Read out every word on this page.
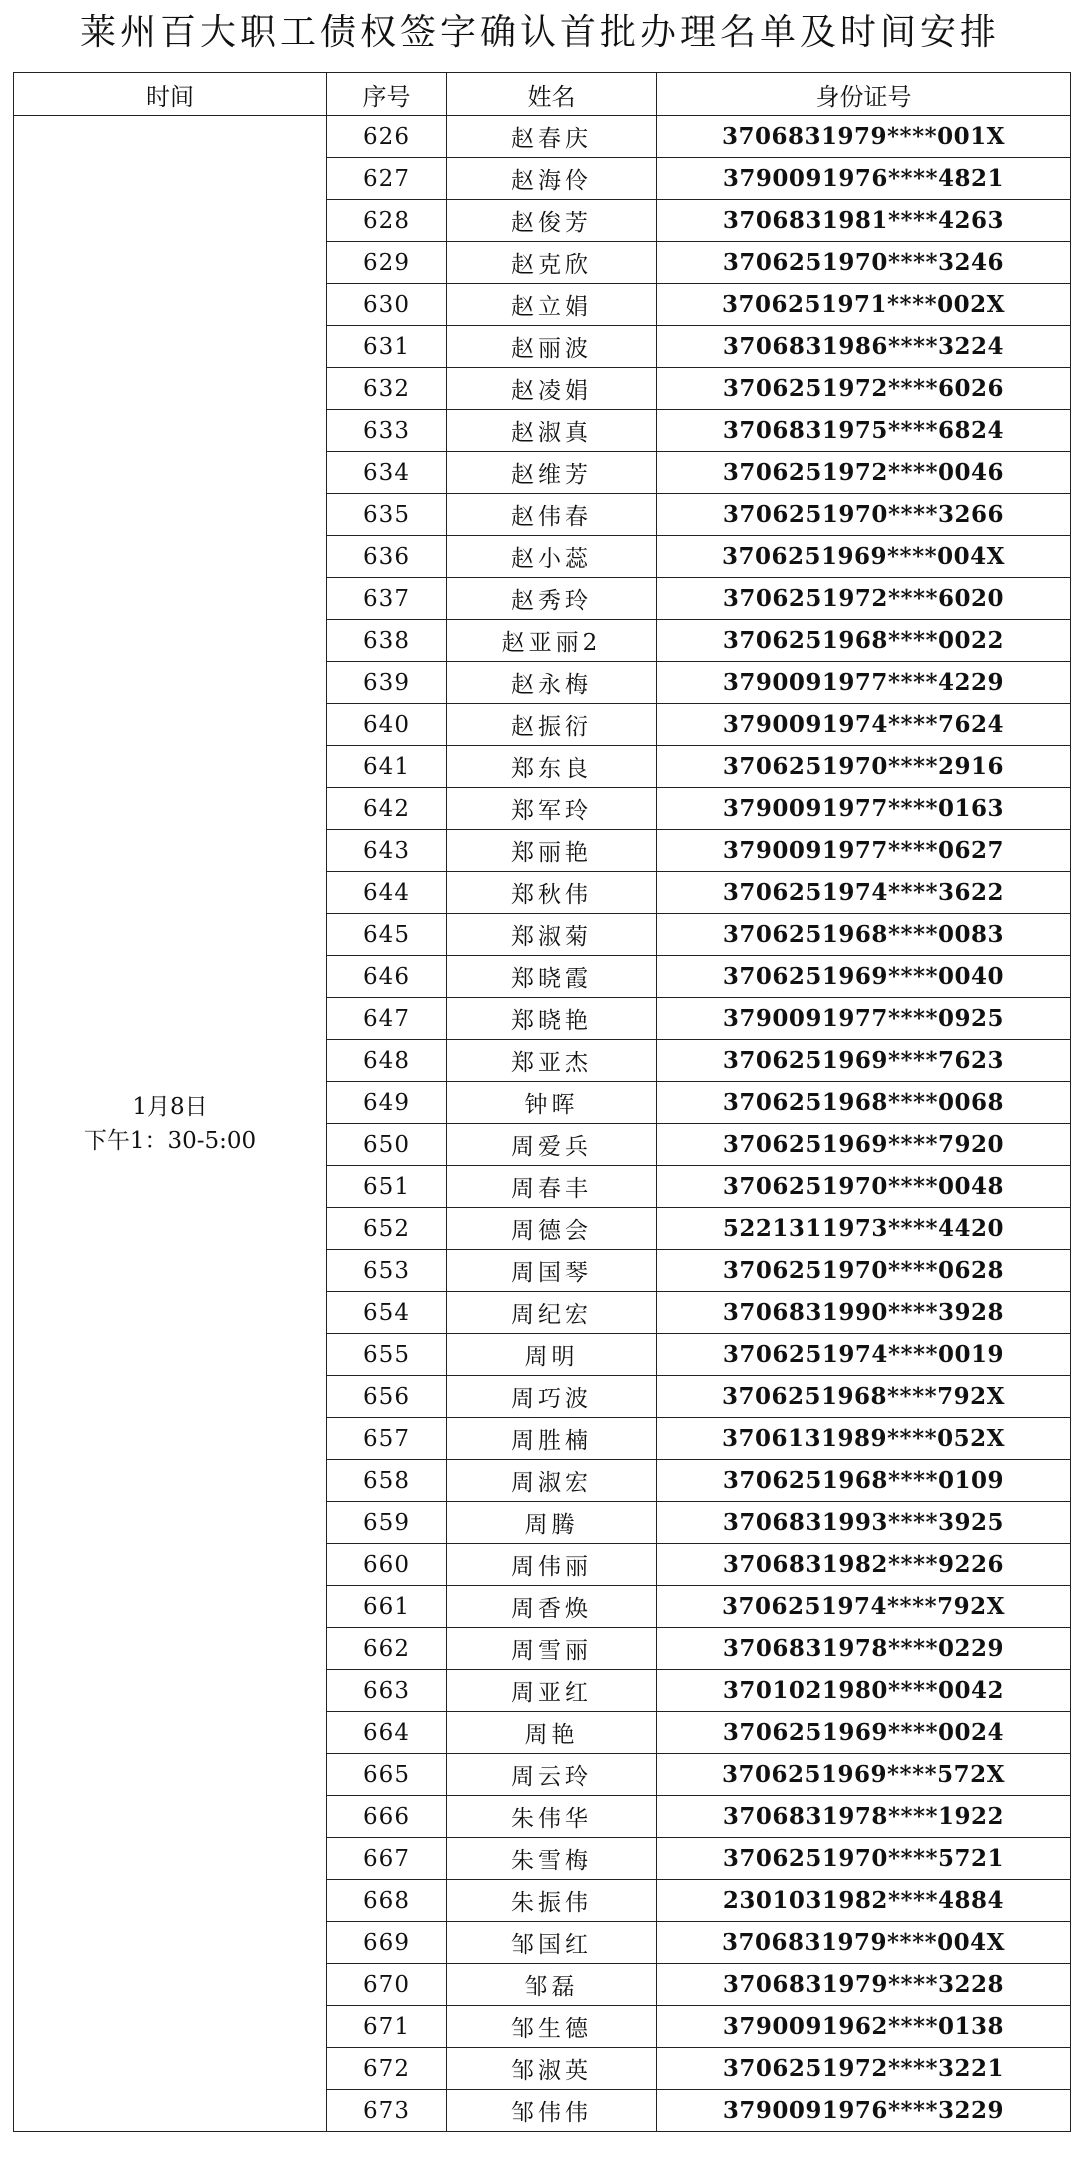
莱州百大职工债权签字确认首批办理名单及时间安排
时间	序号	姓名	身份证号

1月8日
下午1：30-5:00	626	赵春庆	3706831979****001X
	627	赵海伶	3790091976****4821
	628	赵俊芳	3706831981****4263
	629	赵克欣	3706251970****3246
	630	赵立娟	3706251971****002X
	631	赵丽波	3706831986****3224
	632	赵凌娟	3706251972****6026
	633	赵淑真	3706831975****6824
	634	赵维芳	3706251972****0046
	635	赵伟春	3706251970****3266
	636	赵小蕊	3706251969****004X
	637	赵秀玲	3706251972****6020
	638	赵亚丽2	3706251968****0022
	639	赵永梅	3790091977****4229
	640	赵振衍	3790091974****7624
	641	郑东良	3706251970****2916
	642	郑军玲	3790091977****0163
	643	郑丽艳	3790091977****0627
	644	郑秋伟	3706251974****3622
	645	郑淑菊	3706251968****0083
	646	郑晓霞	3706251969****0040
	647	郑晓艳	3790091977****0925
	648	郑亚杰	3706251969****7623
	649	钟晖	3706251968****0068
	650	周爱兵	3706251969****7920
	651	周春丰	3706251970****0048
	652	周德会	5221311973****4420
	653	周国琴	3706251970****0628
	654	周纪宏	3706831990****3928
	655	周明	3706251974****0019
	656	周巧波	3706251968****792X
	657	周胜楠	3706131989****052X
	658	周淑宏	3706251968****0109
	659	周腾	3706831993****3925
	660	周伟丽	3706831982****9226
	661	周香焕	3706251974****792X
	662	周雪丽	3706831978****0229
	663	周亚红	3701021980****0042
	664	周艳	3706251969****0024
	665	周云玲	3706251969****572X
	666	朱伟华	3706831978****1922
	667	朱雪梅	3706251970****5721
	668	朱振伟	2301031982****4884
	669	邹国红	3706831979****004X
	670	邹磊	3706831979****3228
	671	邹生德	3790091962****0138
	672	邹淑英	3706251972****3221
	673	邹伟伟	3790091976****3229
